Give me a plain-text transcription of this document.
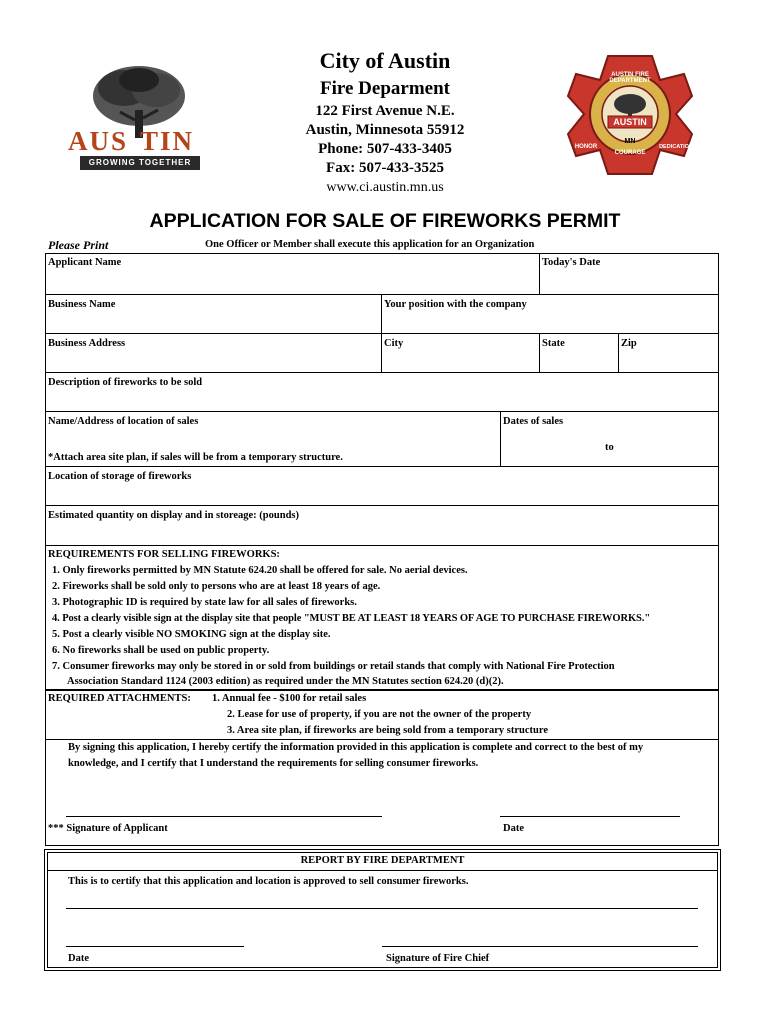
AUS TIN
GROWING TOGETHER
City of Austin
Fire Deparment
122 First Avenue N.E.
Austin, Minnesota 55912
Phone: 507-433-3405
Fax: 507-433-3525
www.ci.austin.mn.us
AUSTIN FIRE DEPARTMENT
AUSTIN
MN
HONOR
COURAGE
DEDICATION
APPLICATION FOR SALE OF FIREWORKS PERMIT
Please Print	One Officer or Member shall execute this application for an Organization
Applicant Name	Today's Date
Business Name	Your position with the company
Business Address	City	State	Zip
Description of fireworks to be sold
Name/Address of location of sales	Dates of sales
to
*Attach area site plan, if sales will be from a temporary structure.
Location of storage of fireworks
Estimated quantity on display and in storeage: (pounds)
REQUIREMENTS FOR SELLING FIREWORKS:
1. Only fireworks permitted by MN Statute 624.20 shall be offered for sale. No aerial devices.
2. Fireworks shall be sold only to persons who are at least 18 years of age.
3. Photographic ID is required by state law for all sales of fireworks.
4. Post a clearly visible sign at the display site that people "MUST BE AT LEAST 18 YEARS OF AGE TO PURCHASE FIREWORKS."
5. Post a clearly visible NO SMOKING sign at the display site.
6. No fireworks shall be used on public property.
7. Consumer fireworks may only be stored in or sold from buildings or retail stands that comply with National Fire Protection
Association Standard 1124 (2003 edition) as required under the MN Statutes section 624.20 (d)(2).
REQUIRED ATTACHMENTS: 1. Annual fee - $100 for retail sales
2. Lease for use of property, if you are not the owner of the property
3. Area site plan, if fireworks are being sold from a temporary structure
By signing this application, I hereby certify the information provided in this application is complete and correct to the best of my
knowledge, and I certify that I understand the requirements for selling consumer fireworks.
*** Signature of Applicant	Date
REPORT BY FIRE DEPARTMENT
This is to certify that this application and location is approved to sell consumer fireworks.
Date	Signature of Fire Chief
